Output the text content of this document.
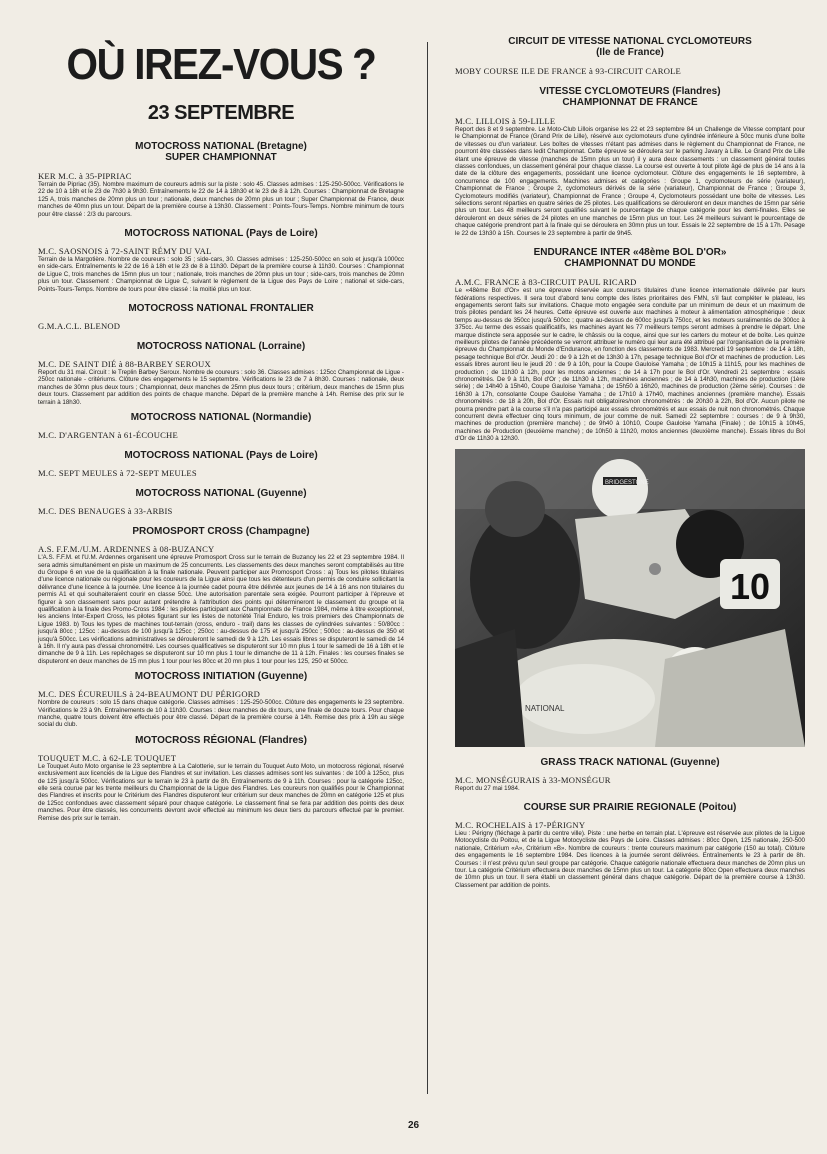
OÙ IREZ-VOUS ?
23 SEPTEMBRE
MOTOCROSS NATIONAL (Bretagne)
SUPER CHAMPIONNAT
KER M.C. à 35-PIPRIAC
Terrain de Pipriac (35). Nombre maximum de coureurs admis sur la piste : solo 45. Classes admises : 125-250-500cc. Vérifications le 22 de 10 à 18h et le 23 de 7h30 à 9h30. Entraînements le 22 de 14 à 18h30 et le 23 de 8 à 12h. Courses : Championnat de Bretagne 125 A, trois manches de 20mn plus un tour ; nationale, deux manches de 20mn plus un tour ; Super Championnat de France, deux manches de 40mn plus un tour. Départ de la première course à 13h30. Classement : Points-Tours-Temps. Nombre minimum de tours pour être classé : 2/3 du parcours.
MOTOCROSS NATIONAL (Pays de Loire)
M.C. SAOSNOIS à 72-SAINT RÉMY DU VAL
Terrain de la Margotière. Nombre de coureurs : solo 35 ; side-cars, 30. Classes admises : 125-250-500cc en solo et jusqu'à 1000cc en side-cars. Entraînements le 22 de 16 à 18h et le 23 de 8 à 11h30. Départ de la première course à 11h30. Courses : Championnat de Ligue C, trois manches de 15mn plus un tour ; nationale, trois manches de 20mn plus un tour ; side-cars, trois manches de 20mn plus un tour. Classement : Championnat de Ligue C, suivant le règlement de la Ligue des Pays de Loire ; national et side-cars, Points-Tours-Temps. Nombre de tours pour être classé : la moitié plus un tour.
MOTOCROSS NATIONAL FRONTALIER
G.M.A.C.L. BLENOD
MOTOCROSS NATIONAL (Lorraine)
M.C. DE SAINT DIÉ à 88-BARBEY SEROUX
Report du 31 mai. Circuit : le Treplin Barbey Seroux. Nombre de coureurs : solo 36. Classes admises : 125cc Championnat de Ligue - 250cc nationale - critériums. Clôture des engagements le 15 septembre. Vérifications le 23 de 7 à 8h30. Courses : nationale, deux manches de 30mn plus deux tours ; Championnat, deux manches de 25mn plus deux tours ; critérium, deux manches de 15mn plus deux tours. Classement par addition des points de chaque manche. Départ de la première manche à 14h. Remise des prix sur le terrain à 18h30.
MOTOCROSS NATIONAL (Normandie)
M.C. D'ARGENTAN à 61-ÉCOUCHE
MOTOCROSS NATIONAL (Pays de Loire)
M.C. SEPT MEULES à 72-SEPT MEULES
MOTOCROSS NATIONAL (Guyenne)
M.C. DES BENAUGES à 33-ARBIS
PROMOSPORT CROSS (Champagne)
A.S. F.F.M./U.M. ARDENNES à 08-BUZANCY
L'A.S. F.F.M. et l'U.M. Ardennes organisent une épreuve Promosport Cross sur le terrain de Buzancy les 22 et 23 septembre 1984. Il sera admis simultanément en piste un maximum de 25 concurrents. Les classements des deux manches seront comptabilisés au titre du Groupe 6 en vue de la qualification à la finale nationale. Peuvent participer aux Promosport Cross : a) Tous les pilotes titulaires d'une licence nationale ou régionale pour les coureurs de la Ligue ainsi que tous les détenteurs d'un permis de conduire sollicitant la délivrance d'une licence à la journée. Une licence à la journée cadet pourra être délivrée aux jeunes de 14 à 16 ans non titulaires du permis A1 et qui souhaiteraient courir en classe 50cc. Une autorisation parentale sera exigée. Pourront participer à l'épreuve et figurer à son classement sans pour autant prétendre à l'attribution des points qui détermineront le classement du groupe et la qualification à la finale des Promo-Cross 1984 : les pilotes participant aux Championnats de France 1984, même à titre exceptionnel, les anciens Inter-Expert Cross, les pilotes figurant sur les listes de notoriété Trial Enduro, les trois premiers des Championnats de Ligue 1983. b) Tous les types de machines tout-terrain (cross, enduro - trail) dans les classes de cylindrées suivantes : 50/80cc : jusqu'à 80cc ; 125cc : au-dessus de 100 jusqu'à 125cc ; 250cc : au-dessus de 175 et jusqu'à 250cc ; 500cc : au-dessus de 350 et jusqu'à 500cc. Les vérifications administratives se dérouleront le samedi de 9 à 12h. Les essais libres se disputeront le samedi de 14 à 16h. Il n'y aura pas d'essai chronométré. Les courses qualificatives se disputeront sur 10 mn plus 1 tour le samedi de 16 à 18h et le dimanche de 9 à 11h. Les repêchages se disputeront sur 10 mn plus 1 tour le dimanche de 11 à 12h. Finales : les courses finales se disputeront en deux manches de 15 mn plus 1 tour pour les 80cc et 20 mn plus 1 tour pour les 125, 250 et 500cc.
MOTOCROSS INITIATION (Guyenne)
M.C. DES ÉCUREUILS à 24-BEAUMONT DU PÉRIGORD
Nombre de coureurs : solo 15 dans chaque catégorie. Classes admises : 125-250-500cc. Clôture des engagements le 23 septembre. Vérifications le 23 à 9h. Entraînements de 10 à 11h30. Courses : deux manches de dix tours, une finale de douze tours. Pour chaque manche, quatre tours doivent être effectués pour être classé. Départ de la première course à 14h. Remise des prix à 19h au siège social du club.
MOTOCROSS RÉGIONAL (Flandres)
TOUQUET M.C. à 62-LE TOUQUET
Le Touquet Auto Moto organise le 23 septembre à La Calotterie, sur le terrain du Touquet Auto Moto, un motocross régional, réservé exclusivement aux licenciés de la Ligue des Flandres et sur invitation. Les classes admises sont les suivantes : de 100 à 125cc, plus de 125 jusqu'à 500cc. Vérifications sur le terrain le 23 à partir de 8h. Entraînements de 9 à 11h. Courses : pour la catégorie 125cc, elle sera courue par les trente meilleurs du Championnat de la Ligue des Flandres. Les coureurs non qualifiés pour le Championnat des Flandres et inscrits pour le Critérium des Flandres disputeront leur critérium sur deux manches de 20mn en catégorie 125 et plus de 125cc confondues avec classement séparé pour chaque catégorie. Le classement final se fera par addition des points des deux manches. Pour être classés, les concurrents devront avoir effectué au minimum les deux tiers du parcours effectué par le premier. Remise des prix sur le terrain.
CIRCUIT DE VITESSE NATIONAL CYCLOMOTEURS
(Ile de France)
MOBY COURSE ILE DE FRANCE à 93-CIRCUIT CAROLE
VITESSE CYCLOMOTEURS (Flandres)
CHAMPIONNAT DE FRANCE
M.C. LILLOIS à 59-LILLE
Report des 8 et 9 septembre. Le Moto-Club Lillois organise les 22 et 23 septembre 84 un Challenge de Vitesse comptant pour le Championnat de France (Grand Prix de Lille), réservé aux cyclomoteurs d'une cylindrée inférieure à 50cc munis d'une boîte de vitesses ou d'un variateur. Les boîtes de vitesses n'étant pas admises dans le règlement du Championnat de France, ne pourront être classées dans ledit Championnat. Cette épreuve se déroulera sur le parking Javary à Lille. Le Grand Prix de Lille étant une épreuve de vitesse (manches de 15mn plus un tour) il y aura deux classements : un classement général toutes classes confondues, un classement général pour chaque classe. La course est ouverte à tout pilote âgé de plus de 14 ans à la date de la clôture des engagements, possédant une licence cyclomoteur. Clôture des engagements le 16 septembre, à concurrence de 100 engagements. Machines admises et catégories : Groupe 1, cyclomoteurs de série (variateur), Championnat de France ; Groupe 2, cyclomoteurs dérivés de la série (variateur), Championnat de France ; Groupe 3, Cyclomoteurs modifiés (variateur), Championnat de France ; Groupe 4, Cyclomoteurs possédant une boîte de vitesses. Les sélections seront réparties en quatre séries de 25 pilotes. Les qualifications se dérouleront en deux manches de 15mn par série plus un tour. Les 48 meilleurs seront qualifiés suivant le pourcentage de chaque catégorie pour les demi-finales. Elles se dérouleront en deux séries de 24 pilotes en une manches de 15mn plus un tour. Les 24 meilleurs suivant le pourcentage de chaque catégorie prendront part à la finale qui se déroulera en 30mn plus un tour. Essais le 22 septembre de 15 à 17h. Pesage le 22 de 13h30 à 15h. Courses le 23 septembre à partir de 9h45.
ENDURANCE INTER «48ème BOL D'OR»
CHAMPIONNAT DU MONDE
A.M.C. FRANCE à 83-CIRCUIT PAUL RICARD
Le «48ème Bol d'Or» est une épreuve réservée aux coureurs titulaires d'une licence internationale délivrée par leurs fédérations respectives. Il sera tout d'abord tenu compte des listes prioritaires des FMN, s'il faut compléter le plateau, les engagements seront faits sur invitations. Chaque moto engagée sera conduite par un minimum de deux et un maximum de trois pilotes pendant les 24 heures. Cette épreuve est ouverte aux machines à moteur à alimentation atmosphérique : deux temps au-dessus de 350cc jusqu'à 500cc ; quatre au-dessus de 600cc jusqu'à 750cc, et les moteurs suralimentés de 300cc à 375cc. Au terme des essais qualificatifs, les machines ayant les 77 meilleurs temps seront admises à prendre le départ. Une marque distincte sera apposée sur le cadre, le châssis ou la coque, ainsi que sur les carters du moteur et de boîte. Les quinze meilleurs pilotes de l'année précédente se verront attribuer le numéro qui leur aura été attribué par l'organisation de la première épreuve du Championnat du Monde d'Endurance, en fonction des classements de 1983. Mercredi 19 septembre : de 14 à 18h, pesage technique Bol d'Or. Jeudi 20 : de 9 à 12h et de 13h30 à 17h, pesage technique Bol d'Or et machines de production. Les essais libres auront lieu le jeudi 20 : de 9 à 10h, pour la Coupe Gauloise Yamaha ; de 10h15 à 11h15, pour les machines de production ; de 11h30 à 12h, pour les motos anciennes ; de 14 à 17h pour le Bol d'Or. Vendredi 21 septembre : essais chronométrés. De 9 à 11h, Bol d'Or ; de 11h30 à 12h, machines anciennes ; de 14 à 14h30, machines de production (1ère série) ; de 14h40 à 15h40, Coupe Gauloise Yamaha ; de 15h50 à 16h20, machines de production (2ème série). Courses : de 16h30 à 17h, consolante Coupe Gauloise Yamaha ; de 17h10 à 17h40, machines anciennes (première manche). Essais chronométrés : de 18 à 20h, Bol d'Or. Essais nuit obligatoires/non chronométrés : de 20h30 à 22h, Bol d'Or. Aucun pilote ne pourra prendre part à la course s'il n'a pas participé aux essais chronométrés et aux essais de nuit non chronométrés. Chaque concurrent devra effectuer cinq tours minimum, de jour comme de nuit. Samedi 22 septembre : courses : de 9 à 9h30, machines de production (première manche) ; de 9h40 à 10h10, Coupe Gauloise Yamaha (Finale) ; de 10h15 à 10h45, machines de Production (deuxième manche) ; de 10h50 à 11h20, motos anciennes (deuxième manche). Essais libres du Bol d'Or de 11h30 à 12h30.
BRIDGESTONE
10
NATIONAL
GRASS TRACK NATIONAL (Guyenne)
M.C. MONSÉGURAIS à 33-MONSÉGUR
Report du 27 mai 1984.
COURSE SUR PRAIRIE REGIONALE (Poitou)
M.C. ROCHELAIS à 17-PÉRIGNY
Lieu : Périgny (fléchage à partir du centre ville). Piste : une herbe en terrain plat. L'épreuve est réservée aux pilotes de la Ligue Motocycliste du Poitou, et de la Ligue Motocycliste des Pays de Loire. Classes admises : 80cc Open, 125 nationale, 250-500 nationale, Critérium «A», Critérium «B». Nombre de coureurs : trente coureurs maximum par catégorie (150 au total). Clôture des engagements le 16 septembre 1984. Des licences à la journée seront délivrées. Entraînements le 23 à partir de 8h. Courses : il n'est prévu qu'un seul groupe par catégorie. Chaque catégorie nationale effectuera deux manches de 20mn plus un tour. La catégorie Critérium effectuera deux manches de 15mn plus un tour. La catégorie 80cc Open effectuera deux manches de 10mn plus un tour. Il sera établi un classement général dans chaque catégorie. Départ de la première course à 13h30. Classement par addition de points.
26
